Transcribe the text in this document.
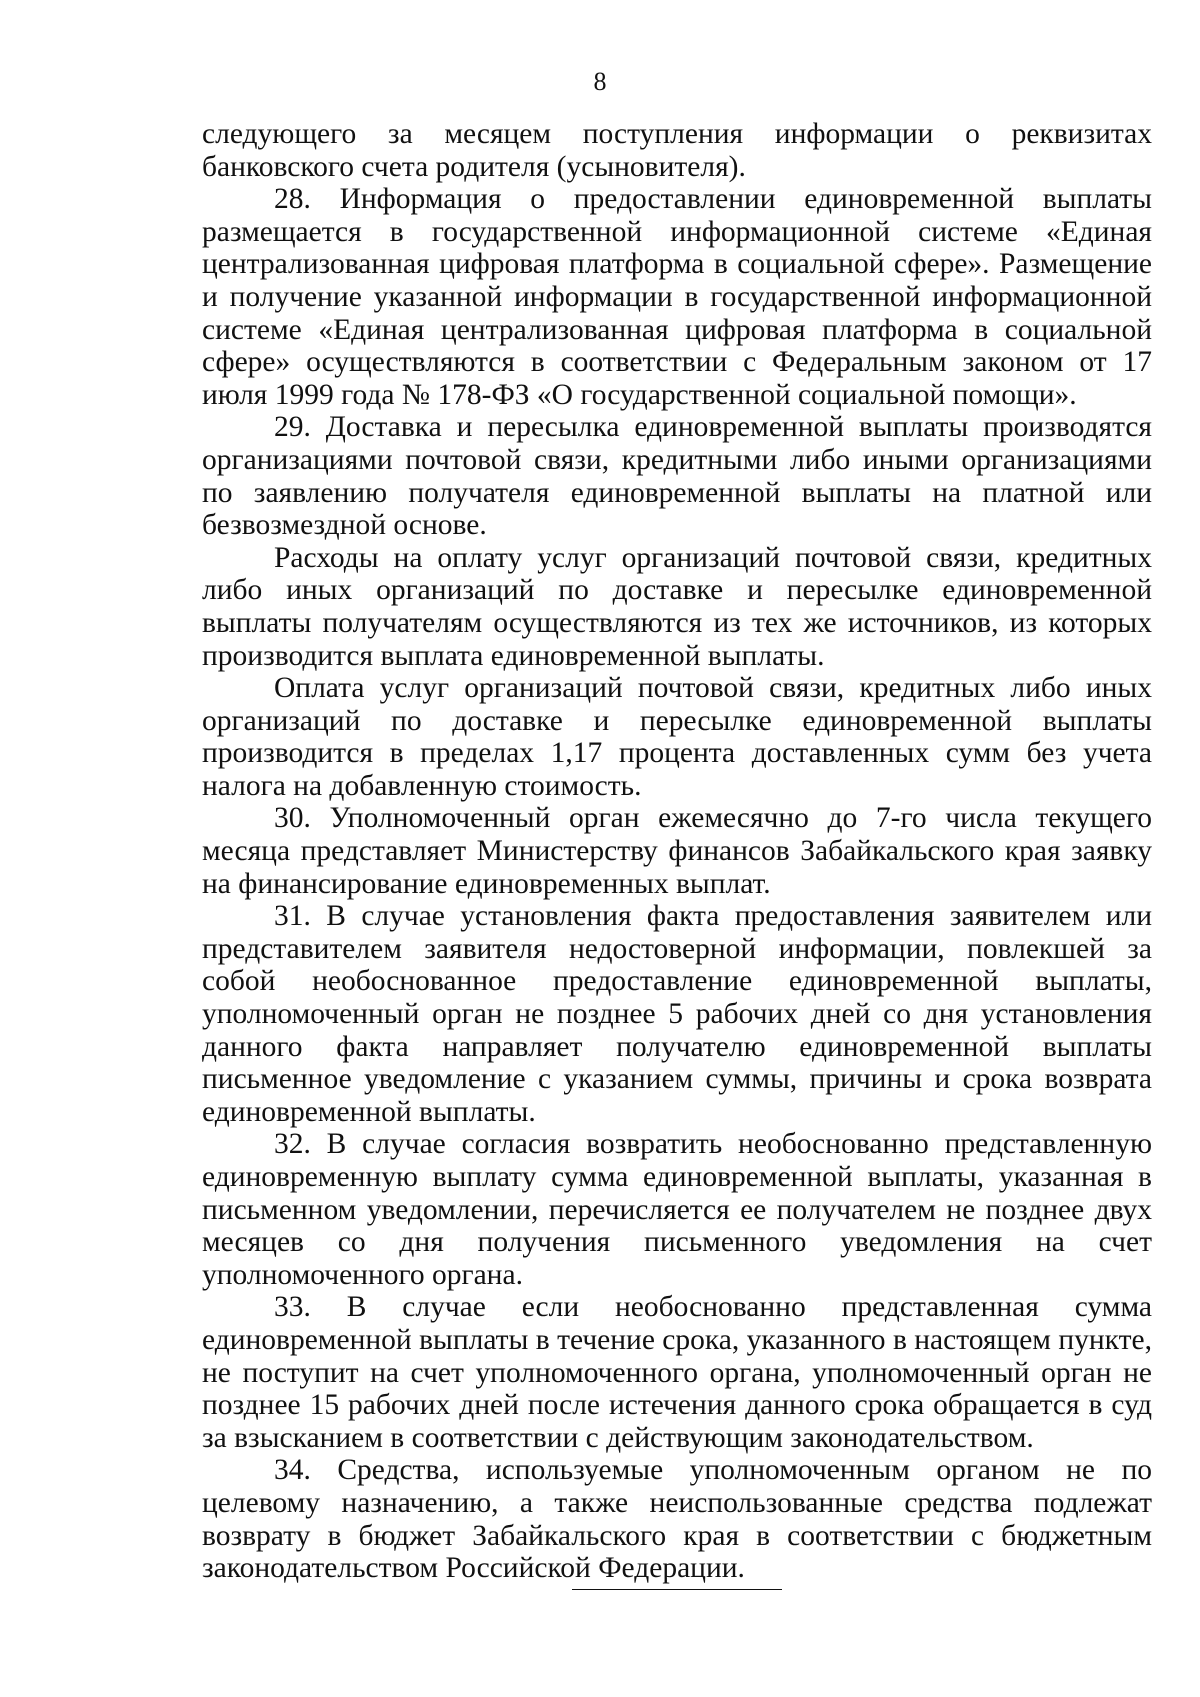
8

следующего за месяцем поступления информации о реквизитах банковского счета родителя (усыновителя).

28. Информация о предоставлении единовременной выплаты размещается в государственной информационной системе «Единая централизованная цифровая платформа в социальной сфере». Размещение и получение указанной информации в государственной информационной системе «Единая централизованная цифровая платформа в социальной сфере» осуществляются в соответствии с Федеральным законом от 17 июля 1999 года № 178-ФЗ «О государственной социальной помощи».

29. Доставка и пересылка единовременной выплаты производятся организациями почтовой связи, кредитными либо иными организациями по заявлению получателя единовременной выплаты на платной или безвозмездной основе.

Расходы на оплату услуг организаций почтовой связи, кредитных либо иных организаций по доставке и пересылке единовременной выплаты получателям осуществляются из тех же источников, из которых производится выплата единовременной выплаты.

Оплата услуг организаций почтовой связи, кредитных либо иных организаций по доставке и пересылке единовременной выплаты производится в пределах 1,17 процента доставленных сумм без учета налога на добавленную стоимость.

30. Уполномоченный орган ежемесячно до 7-го числа текущего месяца представляет Министерству финансов Забайкальского края заявку на финансирование единовременных выплат.

31. В случае установления факта предоставления заявителем или представителем заявителя недостоверной информации, повлекшей за собой необоснованное предоставление единовременной выплаты, уполномоченный орган не позднее 5 рабочих дней со дня установления данного факта направляет получателю единовременной выплаты письменное уведомление с указанием суммы, причины и срока возврата единовременной выплаты.

32. В случае согласия возвратить необоснованно представленную единовременную выплату сумма единовременной выплаты, указанная в письменном уведомлении, перечисляется ее получателем не позднее двух месяцев со дня получения письменного уведомления на счет уполномоченного органа.

33. В случае если необоснованно представленная сумма единовременной выплаты в течение срока, указанного в настоящем пункте, не поступит на счет уполномоченного органа, уполномоченный орган не позднее 15 рабочих дней после истечения данного срока обращается в суд за взысканием в соответствии с действующим законодательством.

34. Средства, используемые уполномоченным органом не по целевому назначению, а также неиспользованные средства подлежат возврату в бюджет Забайкальского края в соответствии с бюджетным законодательством Российской Федерации.
